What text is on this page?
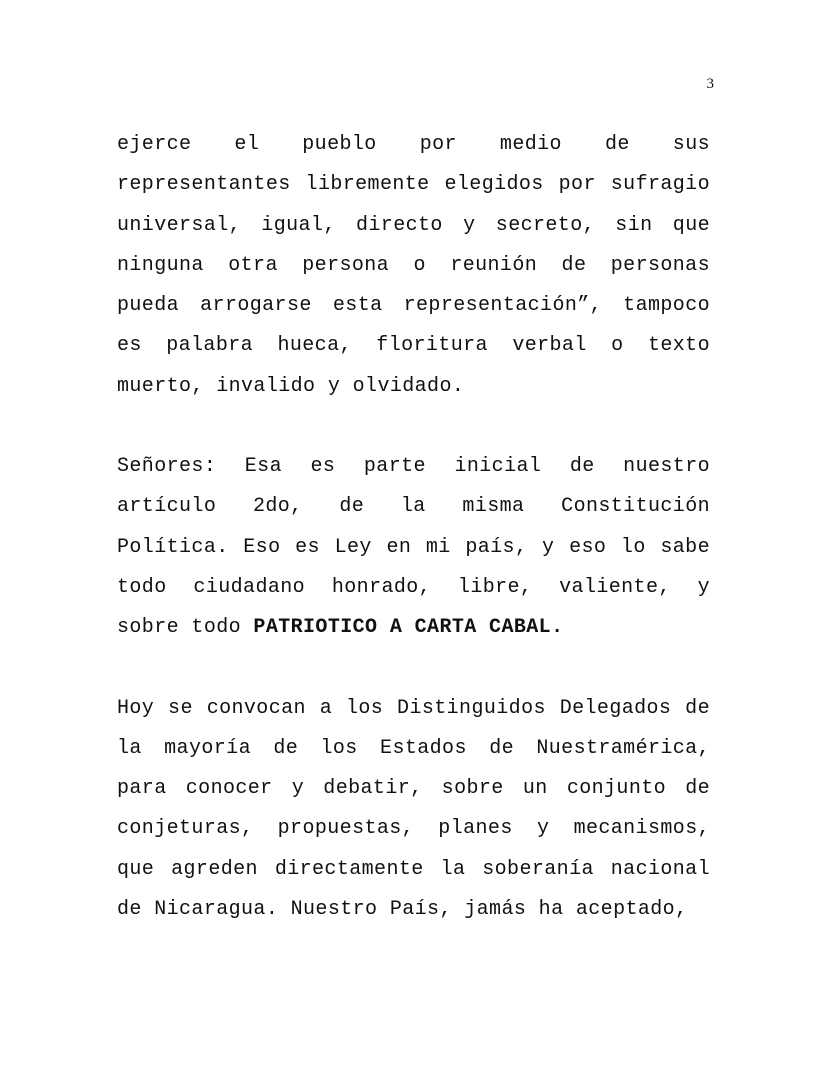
3

ejerce el pueblo por medio de sus representantes libremente elegidos por sufragio universal, igual, directo y secreto, sin que ninguna otra persona o reunión de personas pueda arrogarse esta representación”, tampoco es palabra hueca, floritura verbal o texto muerto, invalido y olvidado.

Señores: Esa es parte inicial de nuestro artículo 2do, de la misma Constitución Política. Eso es Ley en mi país, y eso lo sabe todo ciudadano honrado, libre, valiente, y sobre todo PATRIOTICO A CARTA CABAL.

Hoy se convocan a los Distinguidos Delegados de la mayoría de los Estados de Nuestramérica, para conocer y debatir, sobre un conjunto de conjeturas, propuestas, planes y mecanismos, que agreden directamente la soberanía nacional de Nicaragua. Nuestro País, jamás ha aceptado,
